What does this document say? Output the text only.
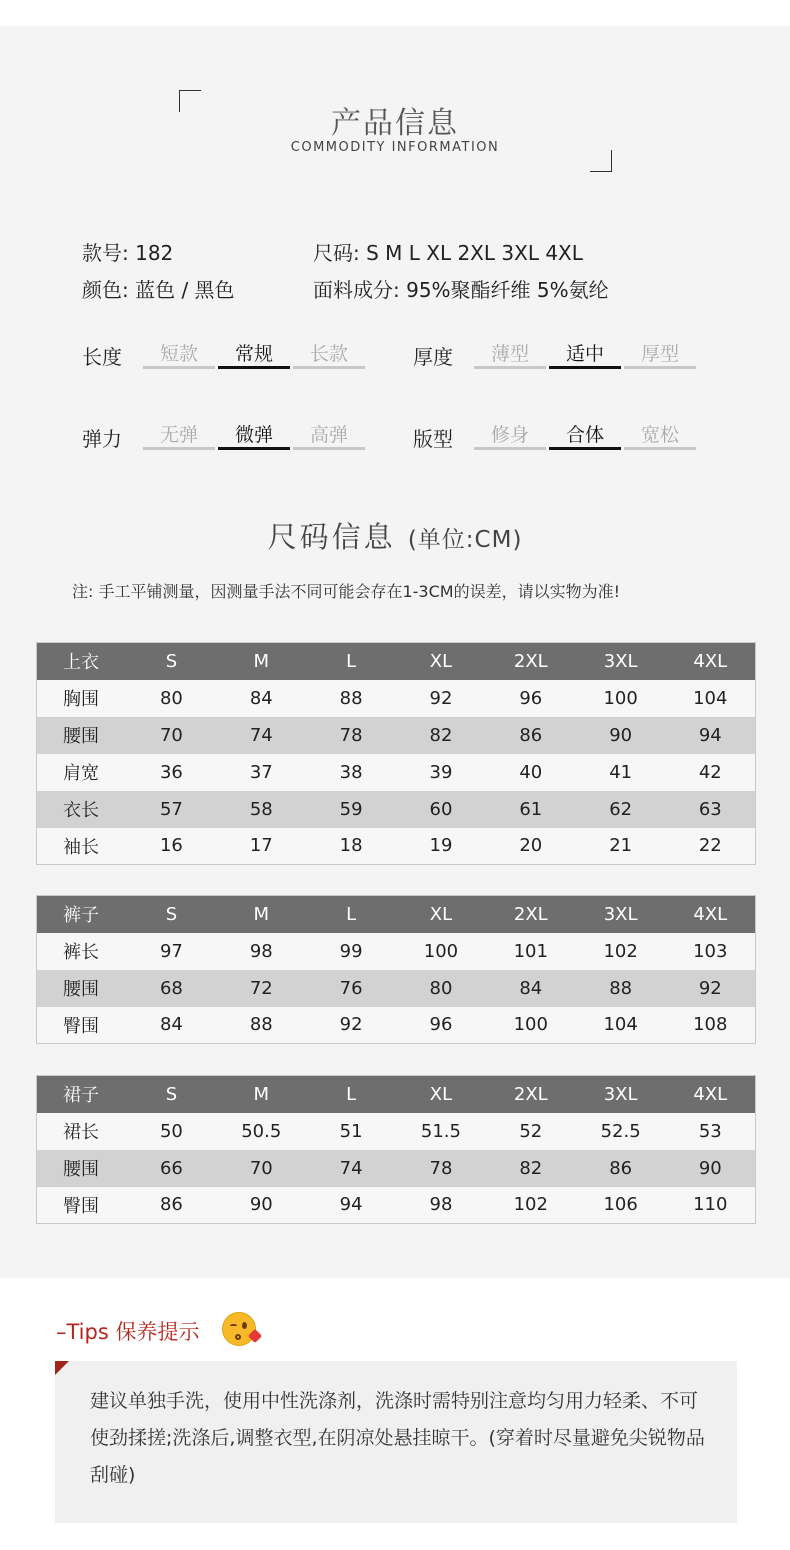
产品信息
COMMODITY INFORMATION
款号: 182	尺码: S M L XL 2XL 3XL 4XL
颜色: 蓝色 / 黑色	面料成分: 95%聚酯纤维 5%氨纶
长度	短款	常规	长款	厚度	薄型	适中	厚型
弹力	无弹	微弹	高弹	版型	修身	合体	宽松
尺码信息 (单位:CM)
注: 手工平铺测量，因测量手法不同可能会存在1-3CM的误差，请以实物为准!
上衣	S	M	L	XL	2XL	3XL	4XL
胸围	80	84	88	92	96	100	104
腰围	70	74	78	82	86	90	94
肩宽	36	37	38	39	40	41	42
衣长	57	58	59	60	61	62	63
袖长	16	17	18	19	20	21	22
裤子	S	M	L	XL	2XL	3XL	4XL
裤长	97	98	99	100	101	102	103
腰围	68	72	76	80	84	88	92
臀围	84	88	92	96	100	104	108
裙子	S	M	L	XL	2XL	3XL	4XL
裙长	50	50.5	51	51.5	52	52.5	53
腰围	66	70	74	78	82	86	90
臀围	86	90	94	98	102	106	110
–Tips 保养提示
建议单独手洗，使用中性洗涤剂，洗涤时需特别注意均匀用力轻柔、不可使劲揉搓;洗涤后,调整衣型,在阴凉处悬挂晾干。(穿着时尽量避免尖锐物品刮碰)
